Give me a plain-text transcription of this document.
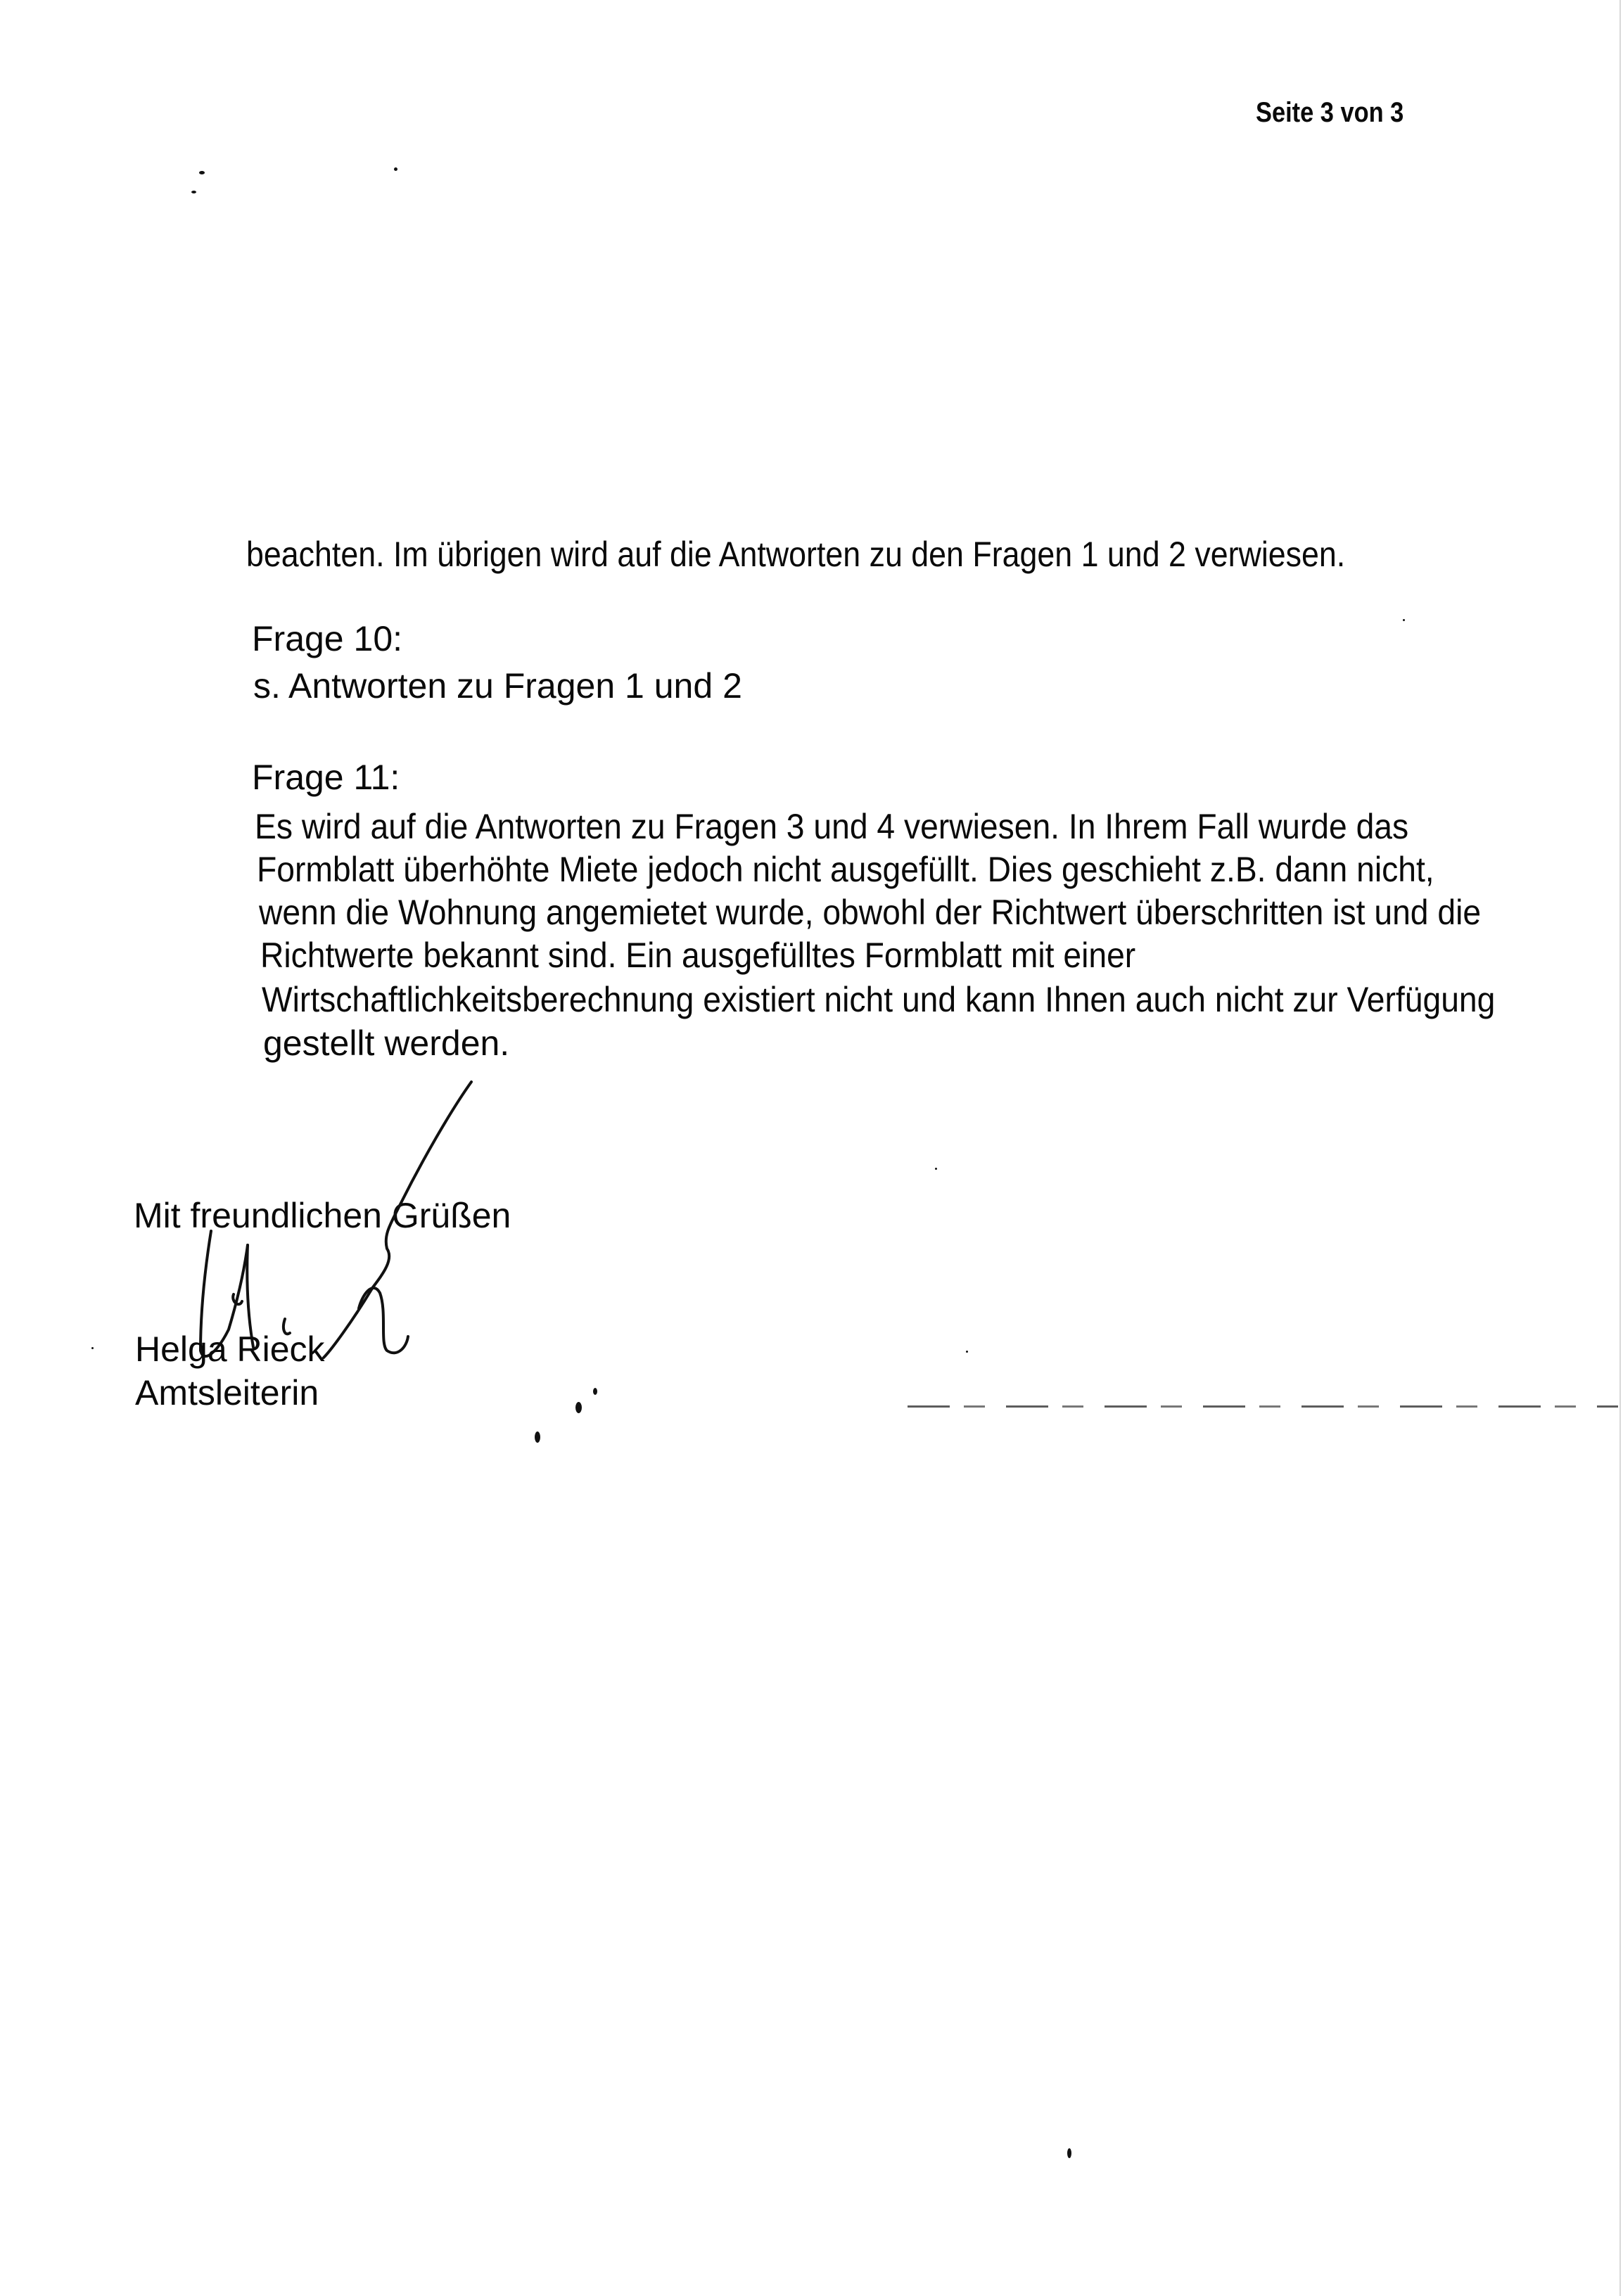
Seite 3 von 3
beachten. Im übrigen wird auf die Antworten zu den Fragen 1 und 2 verwiesen.
Frage 10:
s. Antworten zu Fragen 1 und 2
Frage 11:
Es wird auf die Antworten zu Fragen 3 und 4 verwiesen. In Ihrem Fall wurde das
Formblatt überhöhte Miete jedoch nicht ausgefüllt. Dies geschieht z.B. dann nicht,
wenn die Wohnung angemietet wurde, obwohl der Richtwert überschritten ist und die
Richtwerte bekannt sind. Ein ausgefülltes Formblatt mit einer
Wirtschaftlichkeitsberechnung existiert nicht und kann Ihnen auch nicht zur Verfügung
gestellt werden.
Mit freundlichen Grüßen
Helga Rieck
Amtsleiterin
